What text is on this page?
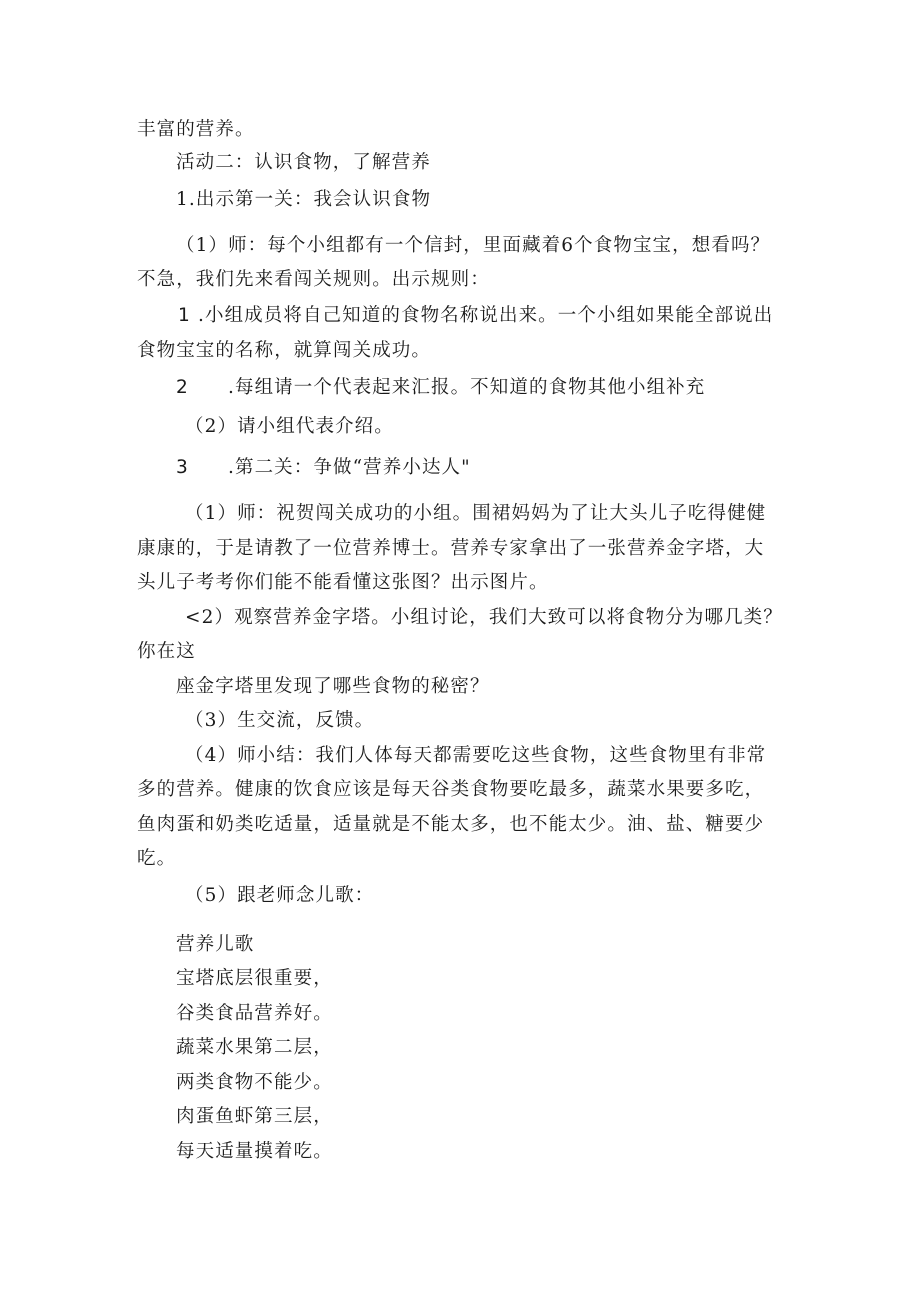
丰富的营养。
活动二：认识食物，了解营养
1.出示第一关：我会认识食物
（1）师：每个小组都有一个信封，里面藏着6个食物宝宝，想看吗？
不急，我们先来看闯关规则。出示规则：
1 .小组成员将自己知道的食物名称说出来。一个小组如果能全部说出
食物宝宝的名称，就算闯关成功。
2 .每组请一个代表起来汇报。不知道的食物其他小组补充
（2）请小组代表介绍。
3 .第二关：争做“营养小达人"
（1）师：祝贺闯关成功的小组。围裙妈妈为了让大头儿子吃得健健
康康的，于是请教了一位营养博士。营养专家拿出了一张营养金字塔，大
头儿子考考你们能不能看懂这张图？出示图片。
<2）观察营养金字塔。小组讨论，我们大致可以将食物分为哪几类？
你在这
座金字塔里发现了哪些食物的秘密？
（3）生交流，反馈。
（4）师小结：我们人体每天都需要吃这些食物，这些食物里有非常
多的营养。健康的饮食应该是每天谷类食物要吃最多，蔬菜水果要多吃，
鱼肉蛋和奶类吃适量，适量就是不能太多，也不能太少。油、盐、糖要少
吃。
（5）跟老师念儿歌：
营养儿歌
宝塔底层很重要，
谷类食品营养好。
蔬菜水果第二层，
两类食物不能少。
肉蛋鱼虾第三层，
每天适量摸着吃。
